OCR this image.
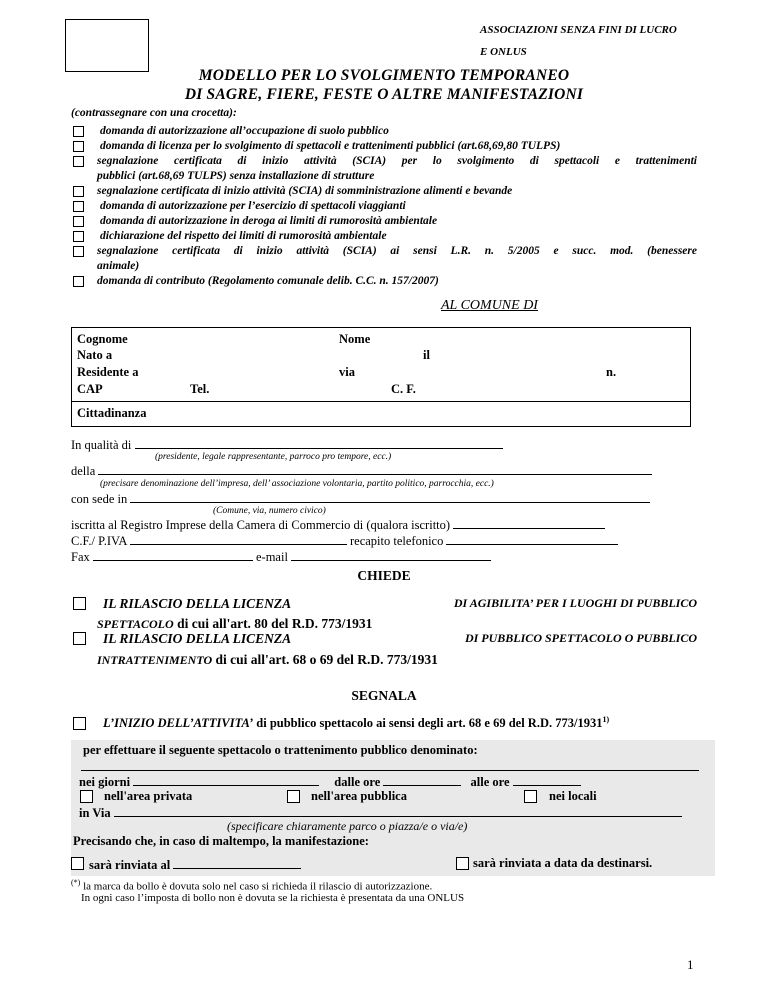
ASSOCIAZIONI SENZA FINI DI LUCRO
E ONLUS
MODELLO PER LO SVOLGIMENTO TEMPORANEO
DI SAGRE, FIERE, FESTE O ALTRE MANIFESTAZIONI
(contrassegnare con una crocetta):
domanda di autorizzazione all’occupazione di suolo pubblico
domanda di licenza per lo svolgimento di spettacoli e trattenimenti pubblici (art.68,69,80 TULPS)
segnalazione certificata di inizio attività (SCIA) per lo svolgimento di spettacoli e trattenimenti
pubblici (art.68,69 TULPS) senza installazione di strutture
segnalazione certificata di inizio attività (SCIA) di somministrazione alimenti e bevande
domanda di autorizzazione per l’esercizio di spettacoli viaggianti
domanda di autorizzazione in deroga ai limiti di rumorosità ambientale
dichiarazione del rispetto dei limiti di rumorosità ambientale
segnalazione certificata di inizio attività (SCIA) ai sensi L.R. n. 5/2005 e succ. mod. (benessere
animale)
domanda di contributo (Regolamento comunale delib. C.C. n. 157/2007)
AL COMUNE DI
Cognome	Nome
Nato a	il
Residente a	via	n.
CAP	Tel.	C. F.
Cittadinanza
In qualità di
(presidente, legale rappresentante, parroco pro tempore, ecc.)
della
(precisare denominazione dell’impresa, dell’ associazione volontaria, partito politico, parrocchia, ecc.)
con sede in
(Comune, via, numero civico)
iscritta al Registro Imprese della Camera di Commercio di (qualora iscritto)
C.F./ P.IVA	recapito telefonico
Fax	e-mail
CHIEDE
IL RILASCIO DELLA LICENZA	DI AGIBILITA’ PER I LUOGHI DI PUBBLICO
SPETTACOLO di cui all'art. 80 del R.D. 773/1931
IL RILASCIO DELLA LICENZA	DI PUBBLICO SPETTACOLO O PUBBLICO
INTRATTENIMENTO di cui all'art. 68 o 69 del R.D. 773/1931
SEGNALA
L’INIZIO DELL’ATTIVITA’ di pubblico spettacolo ai sensi degli art. 68 e 69 del R.D. 773/1931$^{1)}$
per effettuare il seguente spettacolo o trattenimento pubblico denominato:
nei giorni	dalle ore	alle ore
nell'area privata	nell'area pubblica	nei locali
in Via
(specificare chiaramente parco o piazza/e o via/e)
Precisando che, in caso di maltempo, la manifestazione:
sarà rinviata al	sarà rinviata a data da destinarsi.
(*) la marca da bollo è dovuta solo nel caso si richieda il rilascio di autorizzazione.
In ogni caso l’imposta di bollo non è dovuta se la richiesta è presentata da una ONLUS
1
